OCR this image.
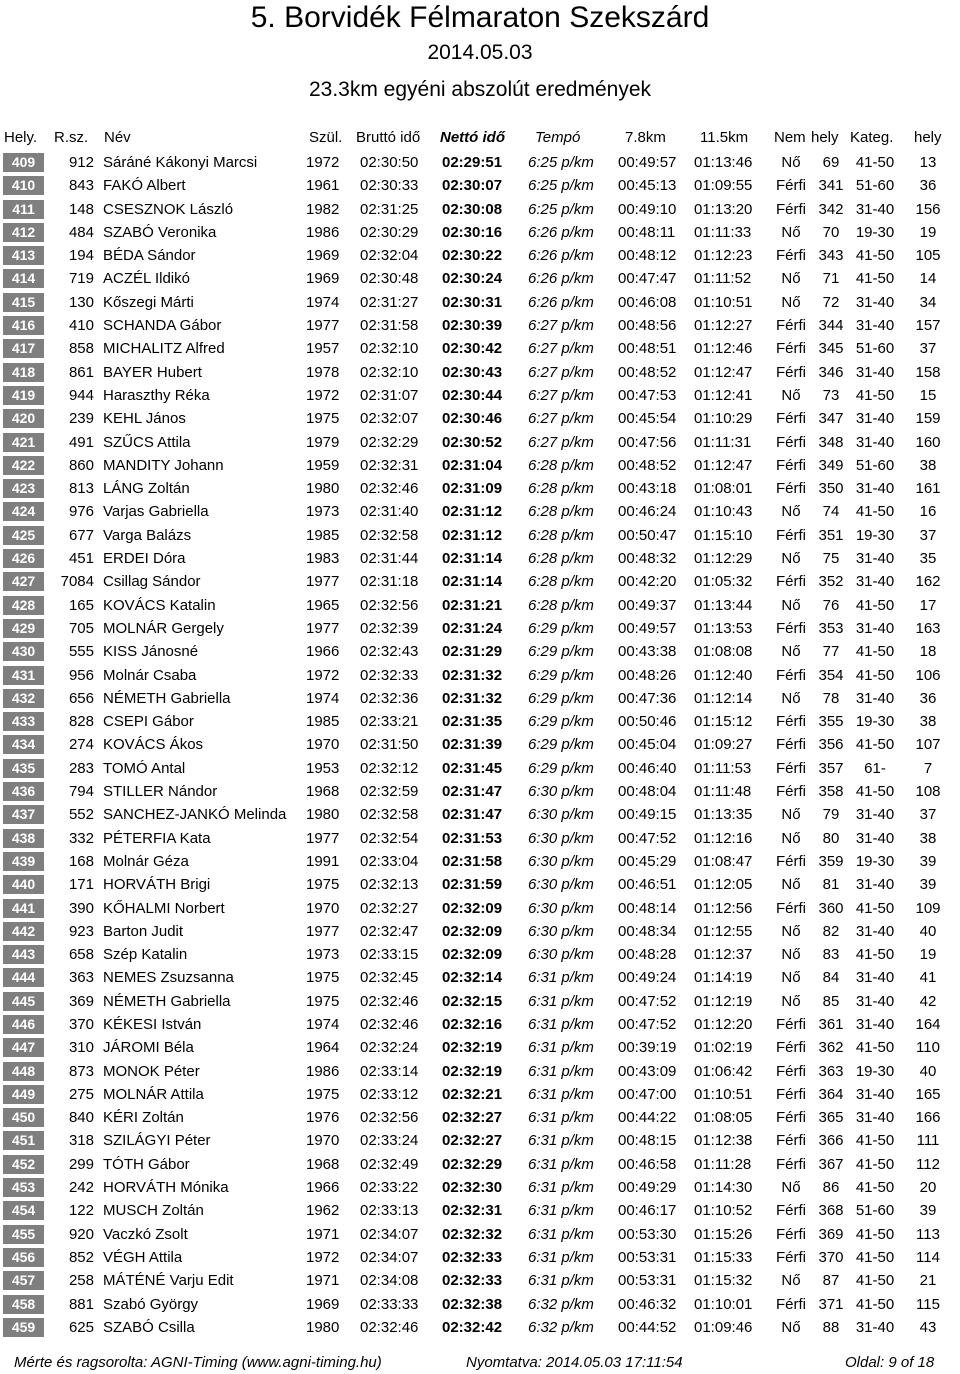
5. Borvidék Félmaraton Szekszárd
2014.05.03
23.3km egyéni abszolút eredmények
Hely. R.sz. Név	Szül. Bruttó idő Nettó idő Tempó	7.8km 11.5km Nem hely Kateg. hely
409	912 Sáráné Kákonyi Marcsi	1972	02:30:50	02:29:51	6:25 p/km	00:49:57	01:13:46	Nő	69	41-50	13
410	843 FAKÓ Albert	1961	02:30:33	02:30:07	6:25 p/km	00:45:13	01:09:55	Férfi 341 51-60	36
411	148 CSESZNOK László	1982	02:31:25	02:30:08	6:25 p/km	00:49:10	01:13:20	Férfi 342 31-40	156
412	484 SZABÓ Veronika	1986	02:30:29	02:30:16	6:26 p/km	00:48:11	01:11:33	Nő	70	19-30	19
413	194 BÉDA Sándor	1969	02:32:04	02:30:22	6:26 p/km	00:48:12	01:12:23	Férfi 343 41-50	105
414	719 ACZÉL Ildikó	1969	02:30:48	02:30:24	6:26 p/km	00:47:47	01:11:52	Nő	71	41-50	14
415	130 Kőszegi Márti	1974	02:31:27	02:30:31	6:26 p/km	00:46:08	01:10:51	Nő	72	31-40	34
416	410 SCHANDA Gábor	1977	02:31:58	02:30:39	6:27 p/km	00:48:56	01:12:27	Férfi 344 31-40	157
417	858 MICHALITZ Alfred	1957	02:32:10	02:30:42	6:27 p/km	00:48:51	01:12:46	Férfi 345 51-60	37
418	861 BAYER Hubert	1978	02:32:10	02:30:43	6:27 p/km	00:48:52	01:12:47	Férfi 346 31-40	158
419	944 Haraszthy Réka	1972	02:31:07	02:30:44	6:27 p/km	00:47:53	01:12:41	Nő	73	41-50	15
420	239 KEHL János	1975	02:32:07	02:30:46	6:27 p/km	00:45:54	01:10:29	Férfi 347 31-40	159
421	491 SZŰCS Attila	1979	02:32:29	02:30:52	6:27 p/km	00:47:56	01:11:31	Férfi 348 31-40	160
422	860 MANDITY Johann	1959	02:32:31	02:31:04	6:28 p/km	00:48:52	01:12:47	Férfi 349 51-60	38
423	813 LÁNG Zoltán	1980	02:32:46	02:31:09	6:28 p/km	00:43:18	01:08:01	Férfi 350 31-40	161
424	976 Varjas Gabriella	1973	02:31:40	02:31:12	6:28 p/km	00:46:24	01:10:43	Nő	74	41-50	16
425	677 Varga Balázs	1985	02:32:58	02:31:12	6:28 p/km	00:50:47	01:15:10	Férfi 351 19-30	37
426	451 ERDEI Dóra	1983	02:31:44	02:31:14	6:28 p/km	00:48:32	01:12:29	Nő	75	31-40	35
427	7084 Csillag Sándor	1977	02:31:18	02:31:14	6:28 p/km	00:42:20	01:05:32	Férfi 352 31-40	162
428	165 KOVÁCS Katalin	1965	02:32:56	02:31:21	6:28 p/km	00:49:37	01:13:44	Nő	76	41-50	17
429	705 MOLNÁR Gergely	1977	02:32:39	02:31:24	6:29 p/km	00:49:57	01:13:53	Férfi 353 31-40	163
430	555 KISS Jánosné	1966	02:32:43	02:31:29	6:29 p/km	00:43:38	01:08:08	Nő	77	41-50	18
431	956 Molnár Csaba	1972	02:32:33	02:31:32	6:29 p/km	00:48:26	01:12:40	Férfi 354 41-50	106
432	656 NÉMETH Gabriella	1974	02:32:36	02:31:32	6:29 p/km	00:47:36	01:12:14	Nő	78	31-40	36
433	828 CSEPI Gábor	1985	02:33:21	02:31:35	6:29 p/km	00:50:46	01:15:12	Férfi 355 19-30	38
434	274 KOVÁCS Ákos	1970	02:31:50	02:31:39	6:29 p/km	00:45:04	01:09:27	Férfi 356 41-50	107
435	283 TOMÓ Antal	1953	02:32:12	02:31:45	6:29 p/km	00:46:40	01:11:53	Férfi 357	61-	7
436	794 STILLER Nándor	1968	02:32:59	02:31:47	6:30 p/km	00:48:04	01:11:48	Férfi 358 41-50	108
437	552 SANCHEZ-JANKÓ Melinda	1980	02:32:58	02:31:47	6:30 p/km	00:49:15	01:13:35	Nő	79	31-40	37
438	332 PÉTERFIA Kata	1977	02:32:54	02:31:53	6:30 p/km	00:47:52	01:12:16	Nő	80	31-40	38
439	168 Molnár Géza	1991	02:33:04	02:31:58	6:30 p/km	00:45:29	01:08:47	Férfi 359 19-30	39
440	171 HORVÁTH Brigi	1975	02:32:13	02:31:59	6:30 p/km	00:46:51	01:12:05	Nő	81	31-40	39
441	390 KŐHALMI Norbert	1970	02:32:27	02:32:09	6:30 p/km	00:48:14	01:12:56	Férfi 360 41-50	109
442	923 Barton Judit	1977	02:32:47	02:32:09	6:30 p/km	00:48:34	01:12:55	Nő	82	31-40	40
443	658 Szép Katalin	1973	02:33:15	02:32:09	6:30 p/km	00:48:28	01:12:37	Nő	83	41-50	19
444	363 NEMES Zsuzsanna	1975	02:32:45	02:32:14	6:31 p/km	00:49:24	01:14:19	Nő	84	31-40	41
445	369 NÉMETH Gabriella	1975	02:32:46	02:32:15	6:31 p/km	00:47:52	01:12:19	Nő	85	31-40	42
446	370 KÉKESI István	1974	02:32:46	02:32:16	6:31 p/km	00:47:52	01:12:20	Férfi 361 31-40	164
447	310 JÁROMI Béla	1964	02:32:24	02:32:19	6:31 p/km	00:39:19	01:02:19	Férfi 362 41-50	110
448	873 MONOK Péter	1986	02:33:14	02:32:19	6:31 p/km	00:43:09	01:06:42	Férfi 363 19-30	40
449	275 MOLNÁR Attila	1975	02:33:12	02:32:21	6:31 p/km	00:47:00	01:10:51	Férfi 364 31-40	165
450	840 KÉRI Zoltán	1976	02:32:56	02:32:27	6:31 p/km	00:44:22	01:08:05	Férfi 365 31-40	166
451	318 SZILÁGYI Péter	1970	02:33:24	02:32:27	6:31 p/km	00:48:15	01:12:38	Férfi 366 41-50	111
452	299 TÓTH Gábor	1968	02:32:49	02:32:29	6:31 p/km	00:46:58	01:11:28	Férfi 367 41-50	112
453	242 HORVÁTH Mónika	1966	02:33:22	02:32:30	6:31 p/km	00:49:29	01:14:30	Nő	86	41-50	20
454	122 MUSCH Zoltán	1962	02:33:13	02:32:31	6:31 p/km	00:46:17	01:10:52	Férfi 368 51-60	39
455	920 Vaczkó Zsolt	1971	02:34:07	02:32:32	6:31 p/km	00:53:30	01:15:26	Férfi 369 41-50	113
456	852 VÉGH Attila	1972	02:34:07	02:32:33	6:31 p/km	00:53:31	01:15:33	Férfi 370 41-50	114
457	258 MÁTÉNÉ Varju Edit	1971	02:34:08	02:32:33	6:31 p/km	00:53:31	01:15:32	Nő	87	41-50	21
458	881 Szabó György	1969	02:33:33	02:32:38	6:32 p/km	00:46:32	01:10:01	Férfi 371 41-50	115
459	625 SZABÓ Csilla	1980	02:32:46	02:32:42	6:32 p/km	00:44:52	01:09:46	Nő	88	31-40	43
Mérte és ragsorolta: AGNI-Timing (www.agni-timing.hu)	Nyomtatva: 2014.05.03 17:11:54	Oldal: 9 of 18
